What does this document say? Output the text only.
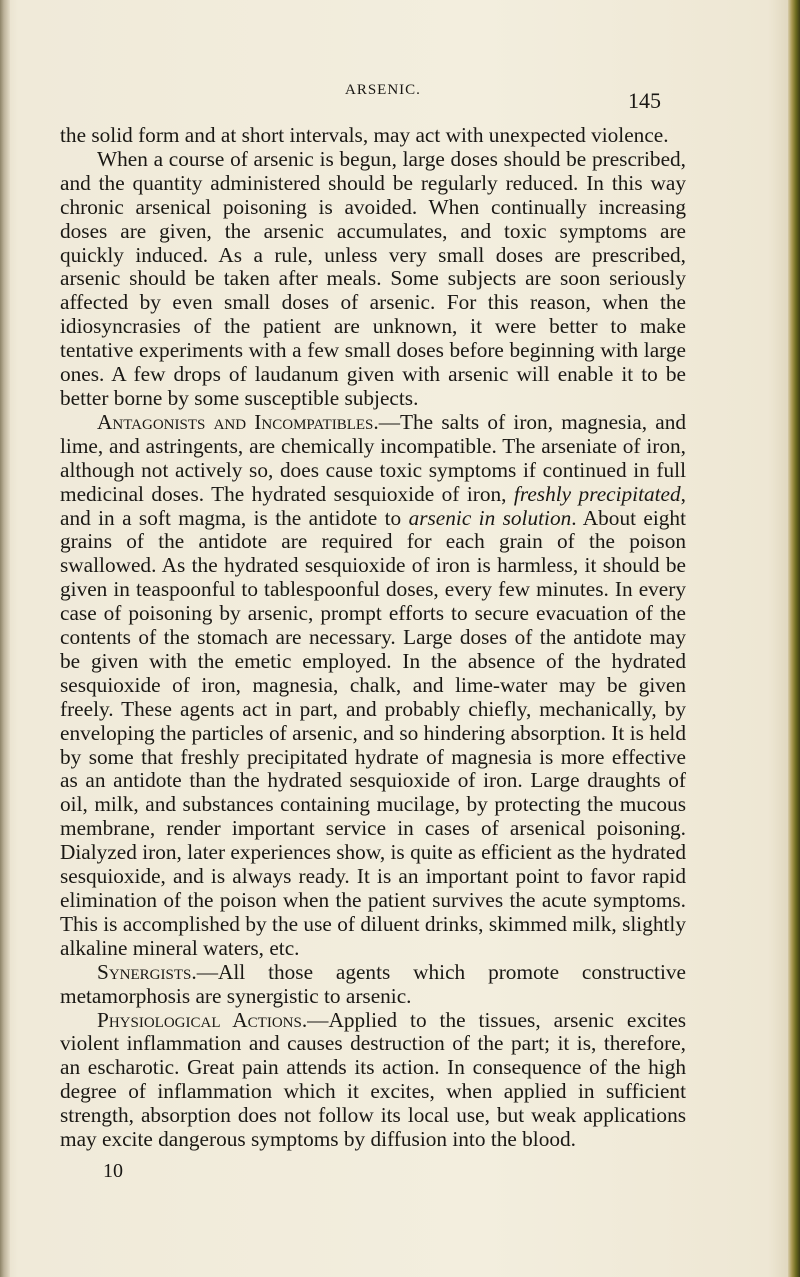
ARSENIC.	145

the solid form and at short intervals, may act with unexpected violence.

When a course of arsenic is begun, large doses should be prescribed, and the quantity administered should be regularly reduced. In this way chronic arsenical poisoning is avoided. When continually increasing doses are given, the arsenic accumulates, and toxic symptoms are quickly induced. As a rule, unless very small doses are prescribed, arsenic should be taken after meals. Some subjects are soon seriously affected by even small doses of arsenic. For this reason, when the idiosyncrasies of the patient are unknown, it were better to make tentative experiments with a few small doses before beginning with large ones. A few drops of laudanum given with arsenic will enable it to be better borne by some susceptible subjects.

Antagonists and Incompatibles.—The salts of iron, magnesia, and lime, and astringents, are chemically incompatible. The arseniate of iron, although not actively so, does cause toxic symptoms if continued in full medicinal doses. The hydrated sesquioxide of iron, freshly precipitated, and in a soft magma, is the antidote to arsenic in solution. About eight grains of the antidote are required for each grain of the poison swallowed. As the hydrated sesquioxide of iron is harmless, it should be given in teaspoonful to tablespoonful doses, every few minutes. In every case of poisoning by arsenic, prompt efforts to secure evacuation of the contents of the stomach are necessary. Large doses of the antidote may be given with the emetic employed. In the absence of the hydrated sesquioxide of iron, magnesia, chalk, and lime-water may be given freely. These agents act in part, and probably chiefly, mechanically, by enveloping the particles of arsenic, and so hindering absorption. It is held by some that freshly precipitated hydrate of magnesia is more effective as an antidote than the hydrated sesquioxide of iron. Large draughts of oil, milk, and substances containing mucilage, by protecting the mucous membrane, render important service in cases of arsenical poisoning. Dialyzed iron, later experiences show, is quite as efficient as the hydrated sesquioxide, and is always ready. It is an important point to favor rapid elimination of the poison when the patient survives the acute symptoms. This is accomplished by the use of diluent drinks, skimmed milk, slightly alkaline mineral waters, etc.

Synergists.—All those agents which promote constructive metamorphosis are synergistic to arsenic.

Physiological Actions.—Applied to the tissues, arsenic excites violent inflammation and causes destruction of the part; it is, therefore, an escharotic. Great pain attends its action. In consequence of the high degree of inflammation which it excites, when applied in sufficient strength, absorption does not follow its local use, but weak applications may excite dangerous symptoms by diffusion into the blood.

10
